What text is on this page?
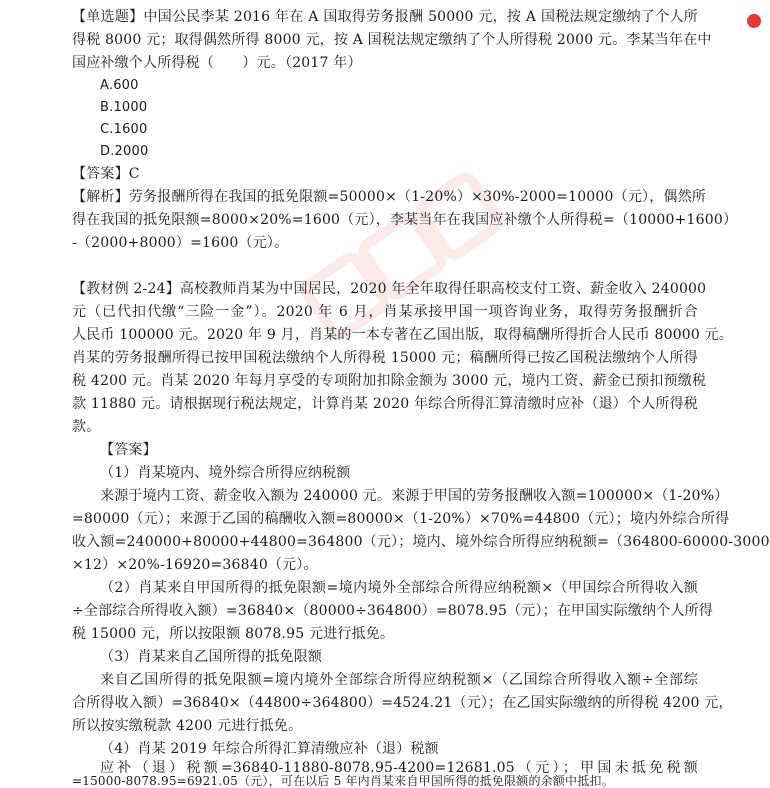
【单选题】中国公民李某 2016 年在 A 国取得劳务报酬 50000 元，按 A 国税法规定缴纳了个人所
得税 8000 元；取得偶然所得 8000 元，按 A 国税法规定缴纳了个人所得税 2000 元。李某当年在中
国应补缴个人所得税（　　）元。（2017 年）
A.600
B.1000
C.1600
D.2000
【答案】C
【解析】劳务报酬所得在我国的抵免限额=50000×（1-20%）×30%-2000=10000（元），偶然所
得在我国的抵免限额=8000×20%=1600（元），李某当年在我国应补缴个人所得税=（10000+1600）
-（2000+8000）=1600（元）。
【教材例 2-24】高校教师肖某为中国居民，2020 年全年取得任职高校支付工资、薪金收入 240000
元（已代扣代缴“三险一金”）。2020 年 6 月，肖某承接甲国一项咨询业务，取得劳务报酬折合
人民币 100000 元。2020 年 9 月，肖某的一本专著在乙国出版，取得稿酬所得折合人民币 80000 元。
肖某的劳务报酬所得已按甲国税法缴纳个人所得税 15000 元；稿酬所得已按乙国税法缴纳个人所得
税 4200 元。肖某 2020 年每月享受的专项附加扣除金额为 3000 元，境内工资、薪金已预扣预缴税
款 11880 元。请根据现行税法规定，计算肖某 2020 年综合所得汇算清缴时应补（退）个人所得税
款。
【答案】
（1）肖某境内、境外综合所得应纳税额
来源于境内工资、薪金收入额为 240000 元。来源于甲国的劳务报酬收入额=100000×（1-20%）
=80000（元）；来源于乙国的稿酬收入额=80000×（1-20%）×70%=44800（元）；境内外综合所得
收入额=240000+80000+44800=364800（元）；境内、境外综合所得应纳税额=（364800-60000-3000
×12）×20%-16920=36840（元）。
（2）肖某来自甲国所得的抵免限额=境内境外全部综合所得应纳税额×（甲国综合所得收入额
÷全部综合所得收入额）=36840×（80000÷364800）=8078.95（元）；在甲国实际缴纳个人所得
税 15000 元，所以按限额 8078.95 元进行抵免。
（3）肖某来自乙国所得的抵免限额
来自乙国所得的抵免限额=境内境外全部综合所得应纳税额×（乙国综合所得收入额÷全部综
合所得收入额）=36840×（44800÷364800）=4524.21（元）；在乙国实际缴纳的所得税 4200 元，
所以按实缴税款 4200 元进行抵免。
（4）肖某 2019 年综合所得汇算清缴应补（退）税额
应补（退）税额=36840-11880-8078.95-4200=12681.05（元）；甲国未抵免税额
=15000-8078.95=6921.05（元），可在以后 5 年内肖某来自甲国所得的抵免限额的余额中抵扣。
